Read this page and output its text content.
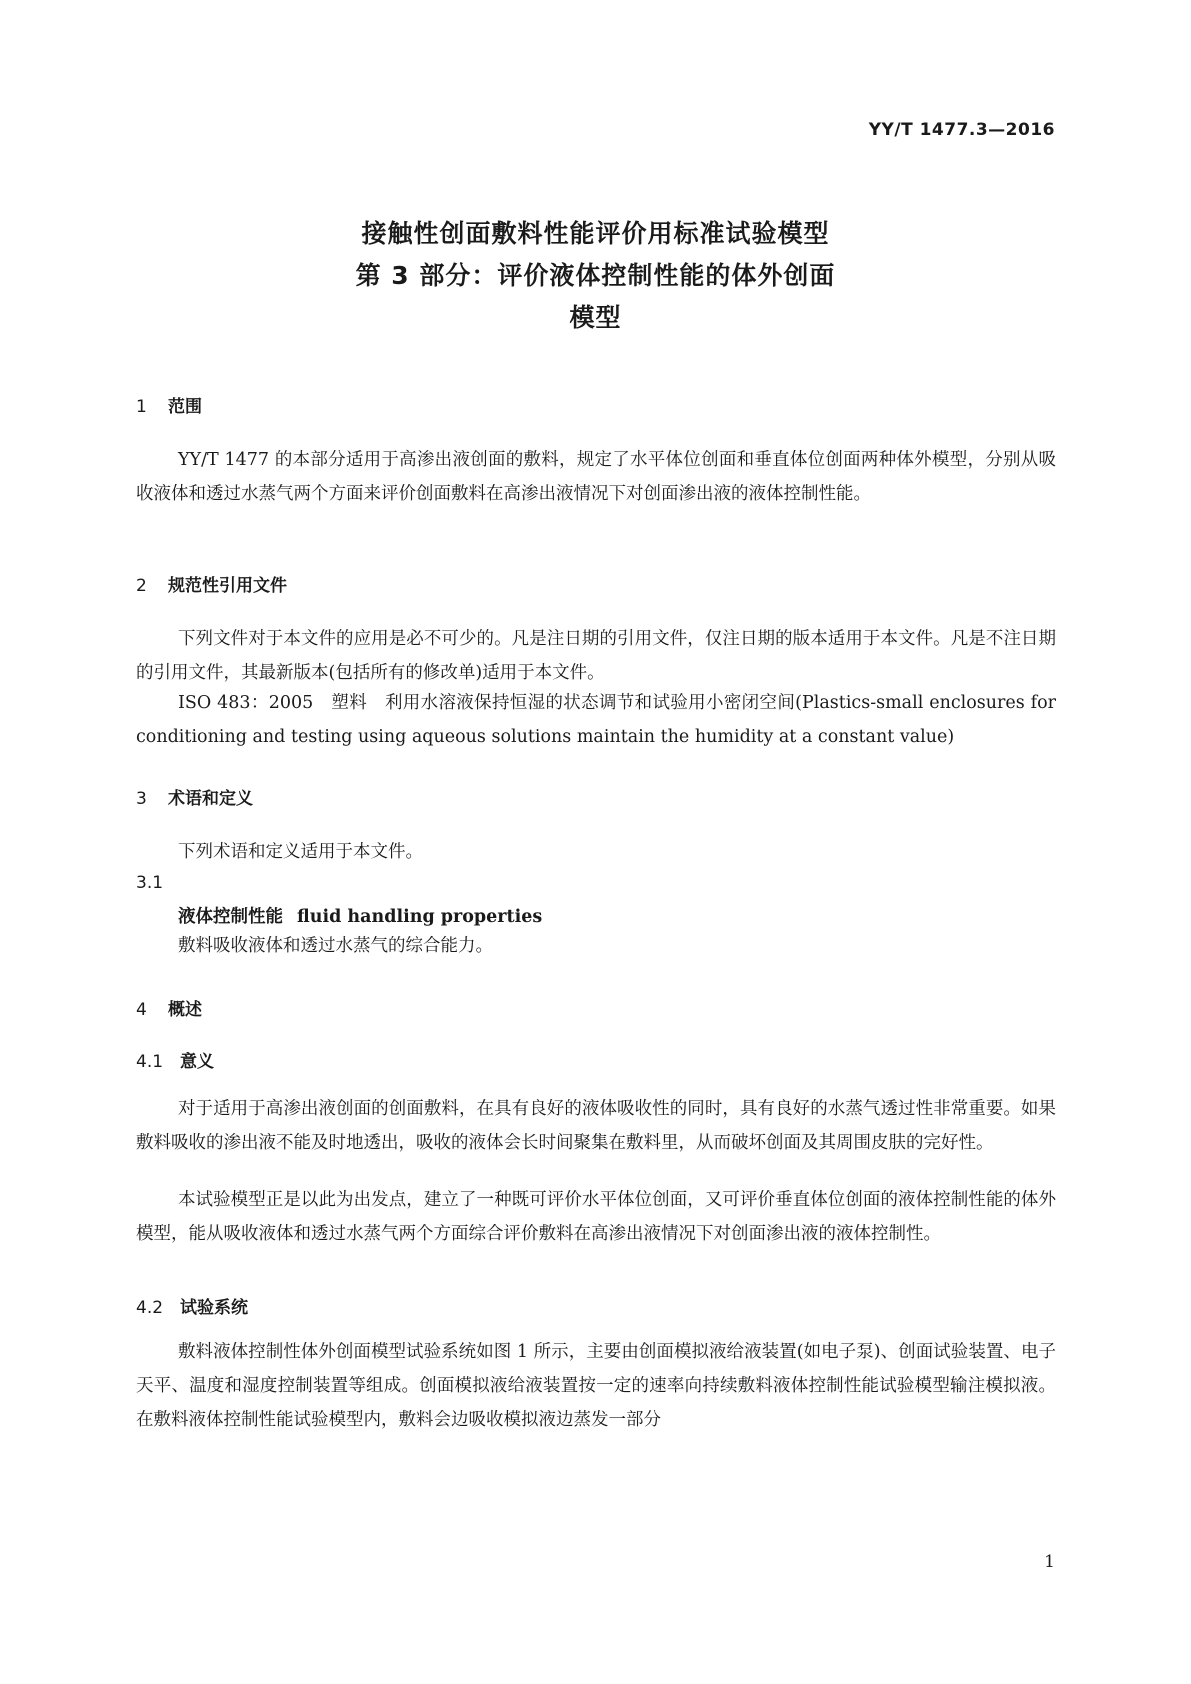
YY/T 1477.3—2016
接触性创面敷料性能评价用标准试验模型
第 3 部分：评价液体控制性能的体外创面
模型
1 范围
YY/T 1477 的本部分适用于高渗出液创面的敷料，规定了水平体位创面和垂直体位创面两种体外模型，分别从吸收液体和透过水蒸气两个方面来评价创面敷料在高渗出液情况下对创面渗出液的液体控制性能。
2 规范性引用文件
下列文件对于本文件的应用是必不可少的。凡是注日期的引用文件，仅注日期的版本适用于本文件。凡是不注日期的引用文件，其最新版本(包括所有的修改单)适用于本文件。
ISO 483：2005　塑料　利用水溶液保持恒湿的状态调节和试验用小密闭空间(Plastics-small enclosures for conditioning and testing using aqueous solutions maintain the humidity at a constant value)
3 术语和定义
下列术语和定义适用于本文件。
3.1
液体控制性能 fluid handling properties
敷料吸收液体和透过水蒸气的综合能力。
4 概述
4.1 意义
对于适用于高渗出液创面的创面敷料，在具有良好的液体吸收性的同时，具有良好的水蒸气透过性非常重要。如果敷料吸收的渗出液不能及时地透出，吸收的液体会长时间聚集在敷料里，从而破坏创面及其周围皮肤的完好性。
本试验模型正是以此为出发点，建立了一种既可评价水平体位创面，又可评价垂直体位创面的液体控制性能的体外模型，能从吸收液体和透过水蒸气两个方面综合评价敷料在高渗出液情况下对创面渗出液的液体控制性。
4.2 试验系统
敷料液体控制性体外创面模型试验系统如图 1 所示，主要由创面模拟液给液装置(如电子泵)、创面试验装置、电子天平、温度和湿度控制装置等组成。创面模拟液给液装置按一定的速率向持续敷料液体控制性能试验模型输注模拟液。在敷料液体控制性能试验模型内，敷料会边吸收模拟液边蒸发一部分
1
